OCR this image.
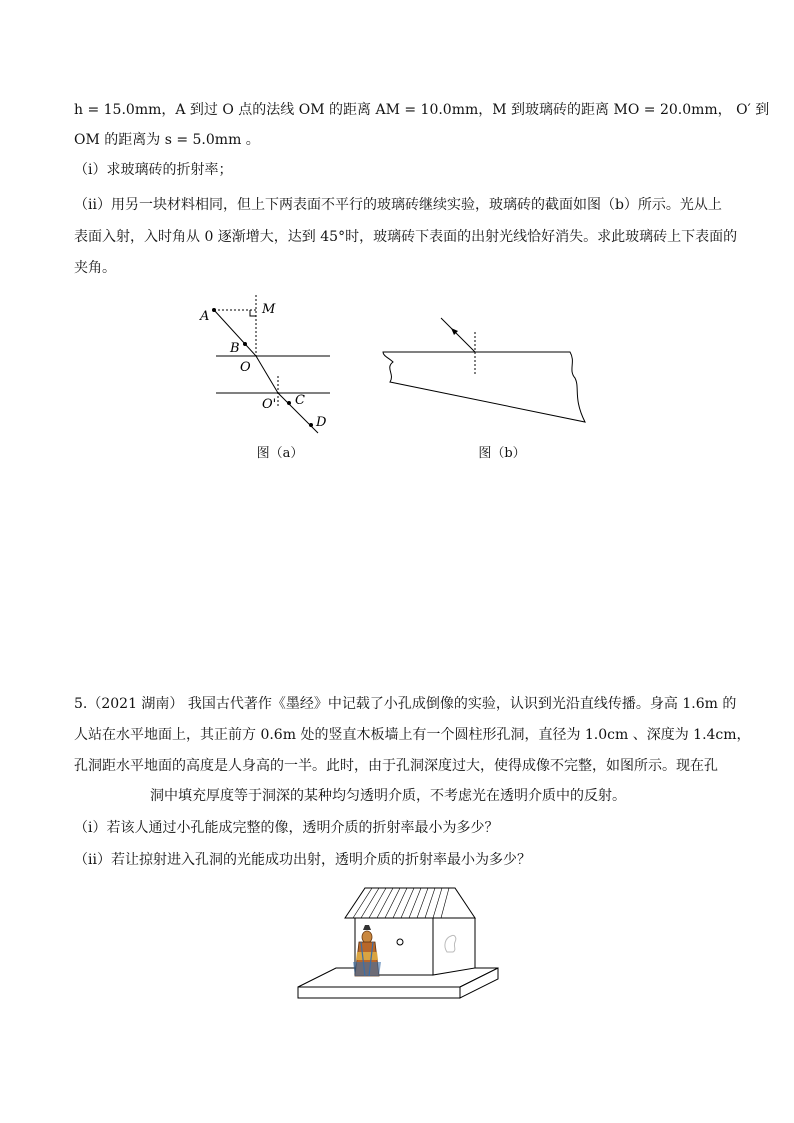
h = 15.0mm，A 到过 O 点的法线 OM 的距离 AM = 10.0mm，M 到玻璃砖的距离 MO = 20.0mm， O′ 到
OM 的距离为 s = 5.0mm 。
（ⅰ）求玻璃砖的折射率；
（ⅱ）用另一块材料相同，但上下两表面不平行的玻璃砖继续实验，玻璃砖的截面如图（b）所示。光从上
表面入射，入时角从 0 逐渐增大，达到 45°时，玻璃砖下表面的出射光线恰好消失。求此玻璃砖上下表面的
夹角。
A	M
B
O
O' C
D
图（a）	图（b）
5.（2021 湖南） 我国古代著作《墨经》中记载了小孔成倒像的实验，认识到光沿直线传播。身高 1.6m 的
人站在水平地面上，其正前方 0.6m 处的竖直木板墙上有一个圆柱形孔洞，直径为 1.0cm 、深度为 1.4cm，
孔洞距水平地面的高度是人身高的一半。此时，由于孔洞深度过大，使得成像不完整，如图所示。现在孔
洞中填充厚度等于洞深的某种均匀透明介质，不考虑光在透明介质中的反射。
（i）若该人通过小孔能成完整的像，透明介质的折射率最小为多少？
（ii）若让掠射进入孔洞的光能成功出射，透明介质的折射率最小为多少？
